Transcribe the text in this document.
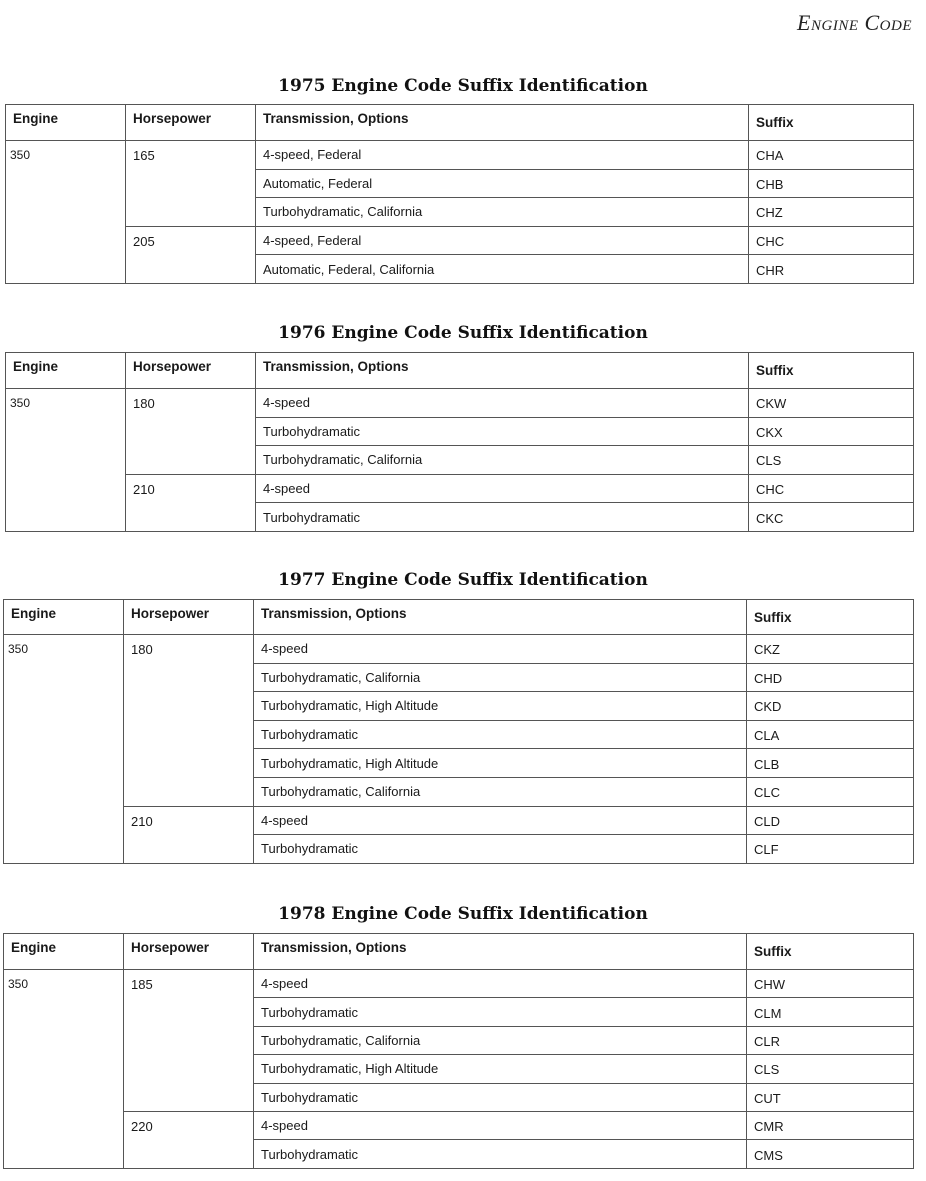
Engine Code
1975 Engine Code Suffix Identification
Engine	Horsepower	Transmission, Options	Suffix
350	165	4-speed, Federal	CHA
		Automatic, Federal	CHB
		Turbohydramatic, California	CHZ
	205	4-speed, Federal	CHC
		Automatic, Federal, California	CHR
1976 Engine Code Suffix Identification
Engine	Horsepower	Transmission, Options	Suffix
350	180	4-speed	CKW
		Turbohydramatic	CKX
		Turbohydramatic, California	CLS
	210	4-speed	CHC
		Turbohydramatic	CKC
1977 Engine Code Suffix Identification
Engine	Horsepower	Transmission, Options	Suffix
350	180	4-speed	CKZ
		Turbohydramatic, California	CHD
		Turbohydramatic, High Altitude	CKD
		Turbohydramatic	CLA
		Turbohydramatic, High Altitude	CLB
		Turbohydramatic, California	CLC
	210	4-speed	CLD
		Turbohydramatic	CLF
1978 Engine Code Suffix Identification
Engine	Horsepower	Transmission, Options	Suffix
350	185	4-speed	CHW
		Turbohydramatic	CLM
		Turbohydramatic, California	CLR
		Turbohydramatic, High Altitude	CLS
		Turbohydramatic	CUT
	220	4-speed	CMR
		Turbohydramatic	CMS
